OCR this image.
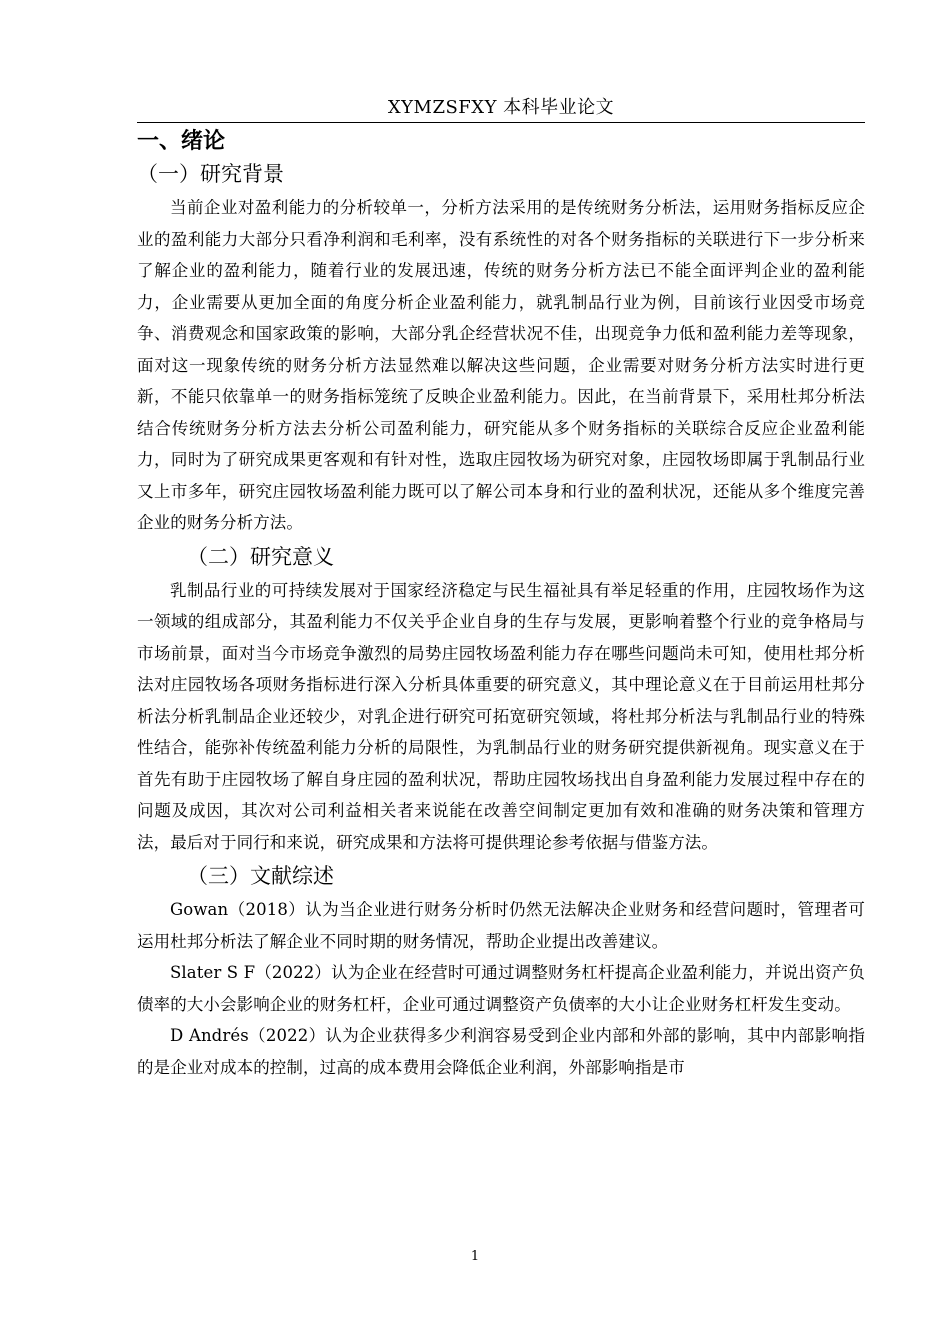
XYMZSFXY 本科毕业论文
一、绪论
（一）研究背景

当前企业对盈利能力的分析较单一，分析方法采用的是传统财务分析法，运用财务指标反应企业的盈利能力大部分只看净利润和毛利率，没有系统性的对各个财务指标的关联进行下一步分析来了解企业的盈利能力，随着行业的发展迅速，传统的财务分析方法已不能全面评判企业的盈利能力，企业需要从更加全面的角度分析企业盈利能力，就乳制品行业为例，目前该行业因受市场竞争、消费观念和国家政策的影响，大部分乳企经营状况不佳，出现竞争力低和盈利能力差等现象，面对这一现象传统的财务分析方法显然难以解决这些问题，企业需要对财务分析方法实时进行更新，不能只依靠单一的财务指标笼统了反映企业盈利能力。因此，在当前背景下，采用杜邦分析法结合传统财务分析方法去分析公司盈利能力，研究能从多个财务指标的关联综合反应企业盈利能力，同时为了研究成果更客观和有针对性，选取庄园牧场为研究对象，庄园牧场即属于乳制品行业又上市多年，研究庄园牧场盈利能力既可以了解公司本身和行业的盈利状况，还能从多个维度完善企业的财务分析方法。

（二）研究意义

乳制品行业的可持续发展对于国家经济稳定与民生福祉具有举足轻重的作用，庄园牧场作为这一领域的组成部分，其盈利能力不仅关乎企业自身的生存与发展，更影响着整个行业的竞争格局与市场前景，面对当今市场竞争激烈的局势庄园牧场盈利能力存在哪些问题尚未可知，使用杜邦分析法对庄园牧场各项财务指标进行深入分析具体重要的研究意义，其中理论意义在于目前运用杜邦分析法分析乳制品企业还较少，对乳企进行研究可拓宽研究领域，将杜邦分析法与乳制品行业的特殊性结合，能弥补传统盈利能力分析的局限性，为乳制品行业的财务研究提供新视角。现实意义在于首先有助于庄园牧场了解自身庄园的盈利状况，帮助庄园牧场找出自身盈利能力发展过程中存在的问题及成因，其次对公司利益相关者来说能在改善空间制定更加有效和准确的财务决策和管理方法，最后对于同行和来说，研究成果和方法将可提供理论参考依据与借鉴方法。

（三）文献综述

Gowan（2018）认为当企业进行财务分析时仍然无法解决企业财务和经营问题时，管理者可运用杜邦分析法了解企业不同时期的财务情况，帮助企业提出改善建议。

Slater S F（2022）认为企业在经营时可通过调整财务杠杆提高企业盈利能力，并说出资产负债率的大小会影响企业的财务杠杆，企业可通过调整资产负债率的大小让企业财务杠杆发生变动。

D Andrés（2022）认为企业获得多少利润容易受到企业内部和外部的影响，其中内部影响指的是企业对成本的控制，过高的成本费用会降低企业利润，外部影响指是市

1
